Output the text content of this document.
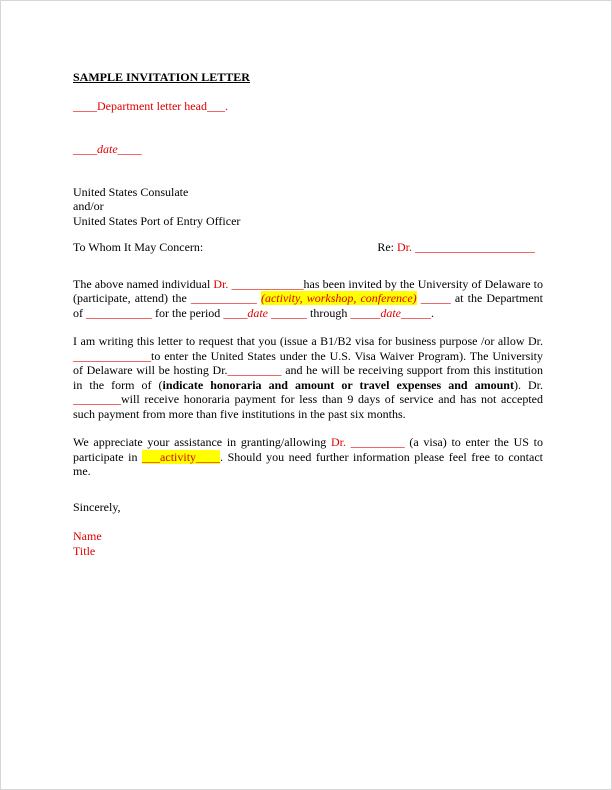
SAMPLE INVITATION LETTER

____Department letter head___.

____date____

United States Consulate

and/or

United States Port of Entry Officer

To Whom It May Concern:	Re: Dr. ____________________

The above named individual Dr. ____________has been invited by the University of Delaware to (participate, attend) the ___________ (activity, workshop, conference) _____ at the Department of ___________ for the period ____date ______ through _____date_____.

I am writing this letter to request that you (issue a B1/B2 visa for business purpose /or allow Dr. _____________to enter the United States under the U.S. Visa Waiver Program). The University of Delaware will be hosting Dr._________ and he will be receiving support from this institution in the form of (indicate honoraria and amount or travel expenses and amount). Dr. ________will receive honoraria payment for less than 9 days of service and has not accepted such payment from more than five institutions in the past six months.

We appreciate your assistance in granting/allowing Dr. _________ (a visa) to enter the US to participate in ___activity____. Should you need further information please feel free to contact me.

Sincerely,

Name

Title
